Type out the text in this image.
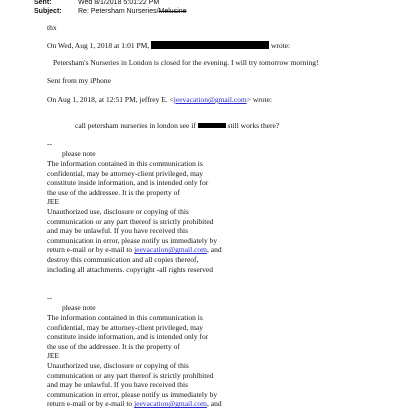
Sent:	Wed 8/1/2018 5:01:22 PM
Subject:	Re: Petersham Nurseries/Melusine
thx
On Wed, Aug 1, 2018 at 1:01 PM,	wrote:
Petersham's Nurseries in London is closed for the evening. I will try tomorrow morning!
Sent from my iPhone
On Aug 1, 2018, at 12:51 PM, jeffrey E. <jeevacation@gmail.com> wrote:
call petersham nurseries in london see if	still works there?
--
please note
The information contained in this communication is
confidential, may be attorney-client privileged, may
constitute inside information, and is intended only for
the use of the addressee. It is the property of
JEE
Unauthorized use, disclosure or copying of this
communication or any part thereof is strictly prohibited
and may be unlawful. If you have received this
communication in error, please notify us immediately by
return e-mail or by e-mail to jeevacation@gmail.com, and
destroy this communication and all copies thereof,
including all attachments. copyright -all rights reserved
--
please note
The information contained in this communication is
confidential, may be attorney-client privileged, may
constitute inside information, and is intended only for
the use of the addressee. It is the property of
JEE
Unauthorized use, disclosure or copying of this
communication or any part thereof is strictly prohibited
and may be unlawful. If you have received this
communication in error, please notify us immediately by
return e-mail or by e-mail to jeevacation@gmail.com, and
